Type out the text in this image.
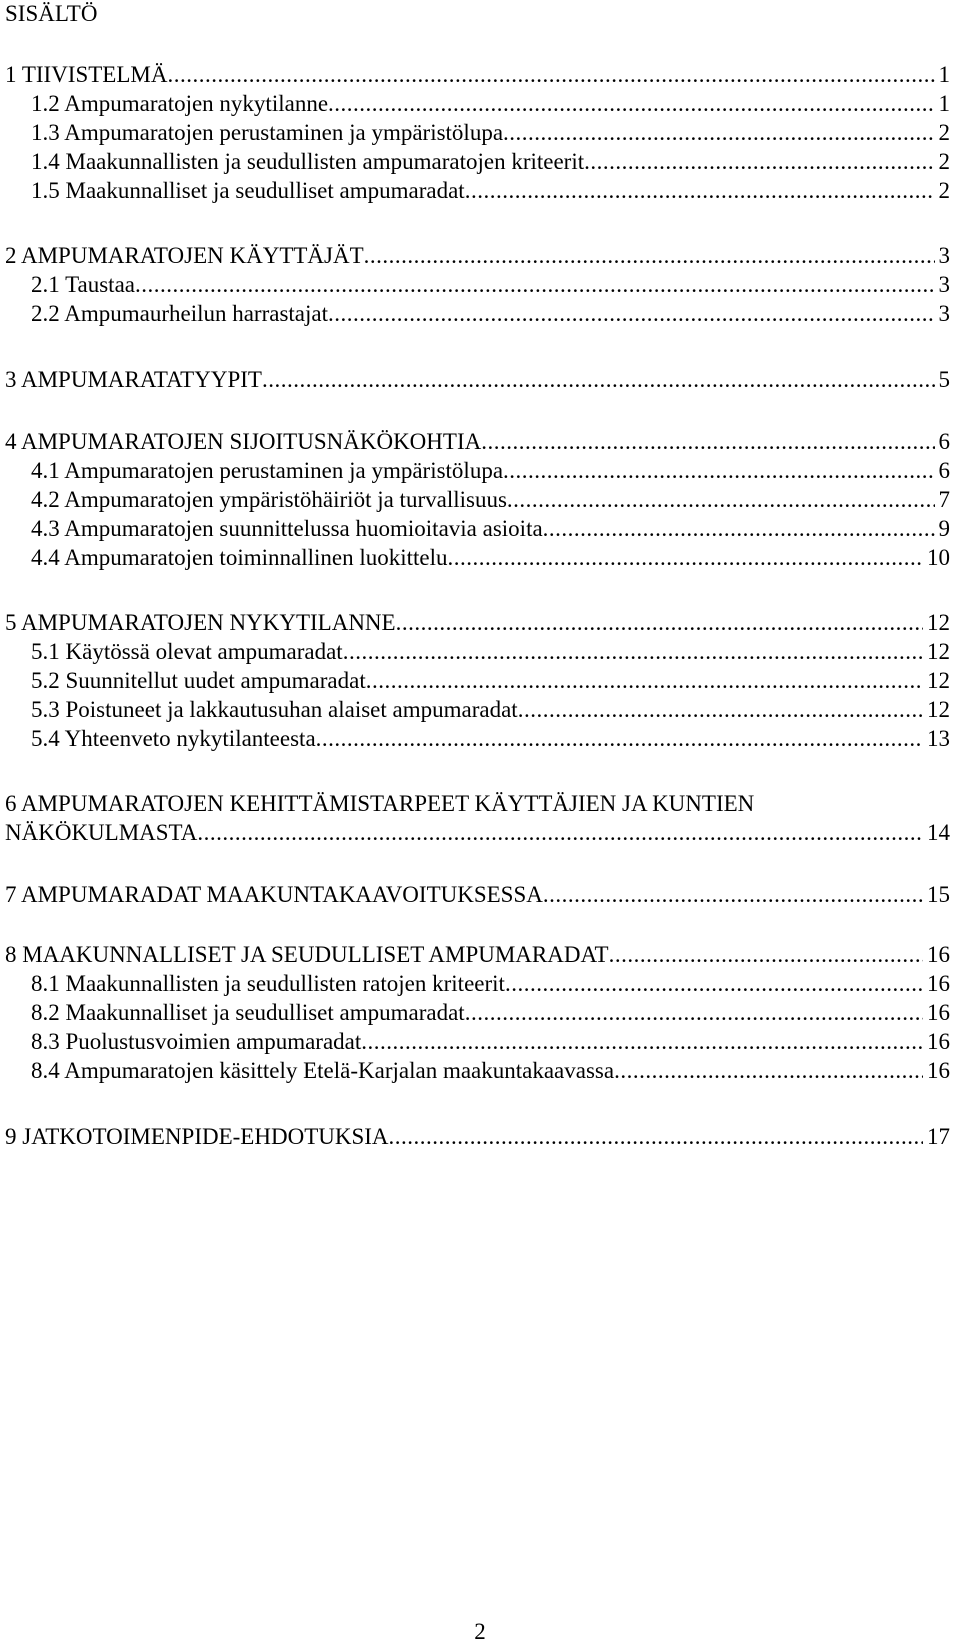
SISÄLTÖ
1 TIIVISTELMÄ .....	1
1.2 Ampumaratojen nykytilanne .....	1
1.3 Ampumaratojen perustaminen ja ympäristölupa .....	2
1.4 Maakunnallisten ja seudullisten ampumaratojen kriteerit .....	2
1.5 Maakunnalliset ja seudulliset ampumaradat .....	2
2 AMPUMARATOJEN KÄYTTÄJÄT .....	3
2.1 Taustaa .....	3
2.2 Ampumaurheilun harrastajat .....	3
3 AMPUMARATATYYPIT .....	5
4 AMPUMARATOJEN SIJOITUSNÄKÖKOHTIA .....	6
4.1 Ampumaratojen perustaminen ja ympäristölupa .....	6
4.2 Ampumaratojen ympäristöhäiriöt ja turvallisuus .....	7
4.3 Ampumaratojen suunnittelussa huomioitavia asioita .....	9
4.4 Ampumaratojen toiminnallinen luokittelu .....	10
5 AMPUMARATOJEN NYKYTILANNE .....	12
5.1 Käytössä olevat ampumaradat .....	12
5.2 Suunnitellut uudet ampumaradat .....	12
5.3 Poistuneet ja lakkautusuhan alaiset ampumaradat .....	12
5.4 Yhteenveto nykytilanteesta .....	13
6 AMPUMARATOJEN KEHITTÄMISTARPEET KÄYTTÄJIEN JA KUNTIEN
NÄKÖKULMASTA .....	14
7 AMPUMARADAT MAAKUNTAKAAVOITUKSESSA .....	15
8 MAAKUNNALLISET JA SEUDULLISET AMPUMARADAT .....	16
8.1 Maakunnallisten ja seudullisten ratojen kriteerit .....	16
8.2 Maakunnalliset ja seudulliset ampumaradat .....	16
8.3 Puolustusvoimien ampumaradat .....	16
8.4 Ampumaratojen käsittely Etelä-Karjalan maakuntakaavassa .....	16
9 JATKOTOIMENPIDE-EHDOTUKSIA .....	17
2
